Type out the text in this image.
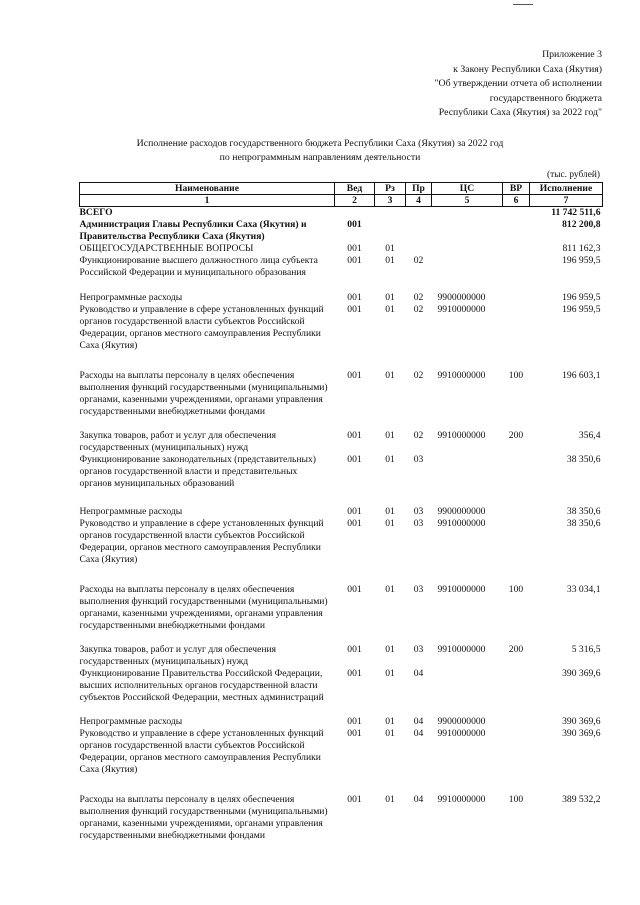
Приложение 3
к Закону Республики Саха (Якутия)
"Об утверждении отчета об исполнении
государственного бюджета
Республики Саха (Якутия) за 2022 год"
Исполнение расходов государственного бюджета Республики Саха (Якутия) за 2022 год
по непрограммным направлениям деятельности
(тыс. рублей)
Наименование	Вед	Рз	Пр	ЦС	ВР	Исполнение
1	2	3	4	5	6	7
ВСЕГО						11 742 511,6
Администрация Главы Республики Саха (Якутия) и Правительства Республики Саха (Якутия)	001					812 200,8
ОБЩЕГОСУДАРСТВЕННЫЕ ВОПРОСЫ	001	01				811 162,3
Функционирование высшего должностного лица субъекта Российской Федерации и муниципального образования	001	01	02			196 959,5
Непрограммные расходы	001	01	02	9900000000		196 959,5
Руководство и управление в сфере установленных функций органов государственной власти субъектов Российской Федерации, органов местного самоуправления Республики Саха (Якутия)	001	01	02	9910000000		196 959,5
Расходы на выплаты персоналу в целях обеспечения выполнения функций государственными (муниципальными) органами, казенными учреждениями, органами управления государственными внебюджетными фондами	001	01	02	9910000000	100	196 603,1
Закупка товаров, работ и услуг для обеспечения государственных (муниципальных) нужд	001	01	02	9910000000	200	356,4
Функционирование законодательных (представительных) органов государственной власти и представительных органов муниципальных образований	001	01	03			38 350,6
Непрограммные расходы	001	01	03	9900000000		38 350,6
Руководство и управление в сфере установленных функций органов государственной власти субъектов Российской Федерации, органов местного самоуправления Республики Саха (Якутия)	001	01	03	9910000000		38 350,6
Расходы на выплаты персоналу в целях обеспечения выполнения функций государственными (муниципальными) органами, казенными учреждениями, органами управления государственными внебюджетными фондами	001	01	03	9910000000	100	33 034,1
Закупка товаров, работ и услуг для обеспечения государственных (муниципальных) нужд	001	01	03	9910000000	200	5 316,5
Функционирование Правительства Российской Федерации, высших исполнительных органов государственной власти субъектов Российской Федерации, местных администраций	001	01	04			390 369,6
Непрограммные расходы	001	01	04	9900000000		390 369,6
Руководство и управление в сфере установленных функций органов государственной власти субъектов Российской Федерации, органов местного самоуправления Республики Саха (Якутия)	001	01	04	9910000000		390 369,6
Расходы на выплаты персоналу в целях обеспечения выполнения функций государственными (муниципальными) органами, казенными учреждениями, органами управления государственными внебюджетными фондами	001	01	04	9910000000	100	389 532,2
